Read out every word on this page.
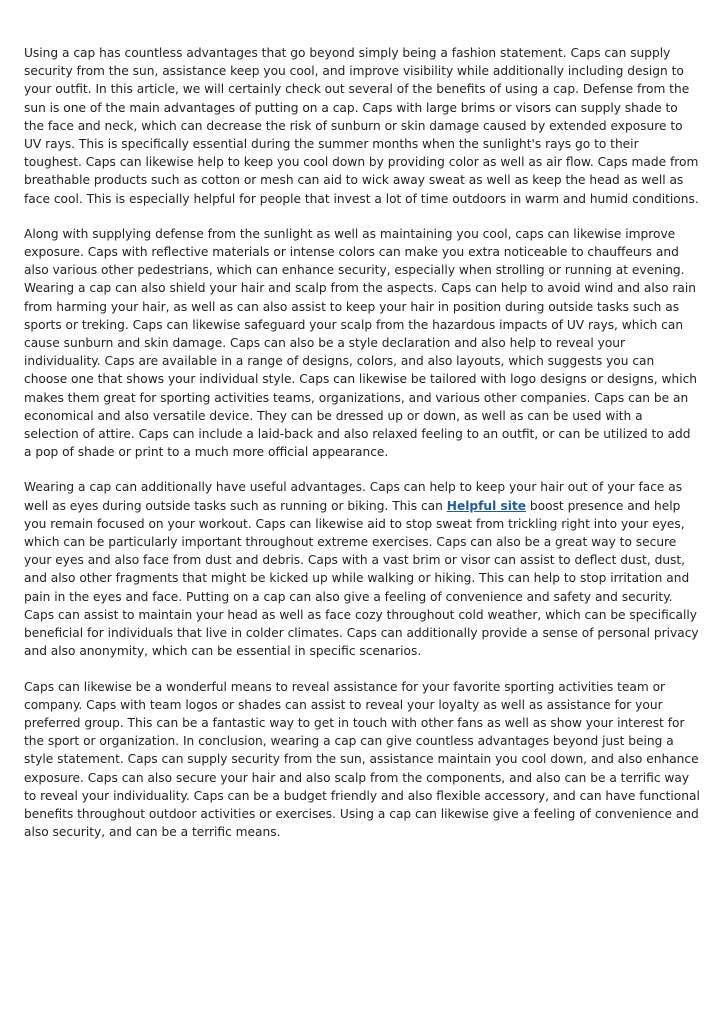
Using a cap has countless advantages that go beyond simply being a fashion statement. Caps can supply security from the sun, assistance keep you cool, and improve visibility while additionally including design to your outfit. In this article, we will certainly check out several of the benefits of using a cap. Defense from the sun is one of the main advantages of putting on a cap. Caps with large brims or visors can supply shade to the face and neck, which can decrease the risk of sunburn or skin damage caused by extended exposure to UV rays. This is specifically essential during the summer months when the sunlight's rays go to their toughest. Caps can likewise help to keep you cool down by providing color as well as air flow. Caps made from breathable products such as cotton or mesh can aid to wick away sweat as well as keep the head as well as face cool. This is especially helpful for people that invest a lot of time outdoors in warm and humid conditions.

Along with supplying defense from the sunlight as well as maintaining you cool, caps can likewise improve exposure. Caps with reflective materials or intense colors can make you extra noticeable to chauffeurs and also various other pedestrians, which can enhance security, especially when strolling or running at evening. Wearing a cap can also shield your hair and scalp from the aspects. Caps can help to avoid wind and also rain from harming your hair, as well as can also assist to keep your hair in position during outside tasks such as sports or treking. Caps can likewise safeguard your scalp from the hazardous impacts of UV rays, which can cause sunburn and skin damage. Caps can also be a style declaration and also help to reveal your individuality. Caps are available in a range of designs, colors, and also layouts, which suggests you can choose one that shows your individual style. Caps can likewise be tailored with logo designs or designs, which makes them great for sporting activities teams, organizations, and various other companies. Caps can be an economical and also versatile device. They can be dressed up or down, as well as can be used with a selection of attire. Caps can include a laid-back and also relaxed feeling to an outfit, or can be utilized to add a pop of shade or print to a much more official appearance.

Wearing a cap can additionally have useful advantages. Caps can help to keep your hair out of your face as well as eyes during outside tasks such as running or biking. This can Helpful site boost presence and help you remain focused on your workout. Caps can likewise aid to stop sweat from trickling right into your eyes, which can be particularly important throughout extreme exercises. Caps can also be a great way to secure your eyes and also face from dust and debris. Caps with a vast brim or visor can assist to deflect dust, dust, and also other fragments that might be kicked up while walking or hiking. This can help to stop irritation and pain in the eyes and face. Putting on a cap can also give a feeling of convenience and safety and security. Caps can assist to maintain your head as well as face cozy throughout cold weather, which can be specifically beneficial for individuals that live in colder climates. Caps can additionally provide a sense of personal privacy and also anonymity, which can be essential in specific scenarios.

Caps can likewise be a wonderful means to reveal assistance for your favorite sporting activities team or company. Caps with team logos or shades can assist to reveal your loyalty as well as assistance for your preferred group. This can be a fantastic way to get in touch with other fans as well as show your interest for the sport or organization. In conclusion, wearing a cap can give countless advantages beyond just being a style statement. Caps can supply security from the sun, assistance maintain you cool down, and also enhance exposure. Caps can also secure your hair and also scalp from the components, and also can be a terrific way to reveal your individuality. Caps can be a budget friendly and also flexible accessory, and can have functional benefits throughout outdoor activities or exercises. Using a cap can likewise give a feeling of convenience and also security, and can be a terrific means.
